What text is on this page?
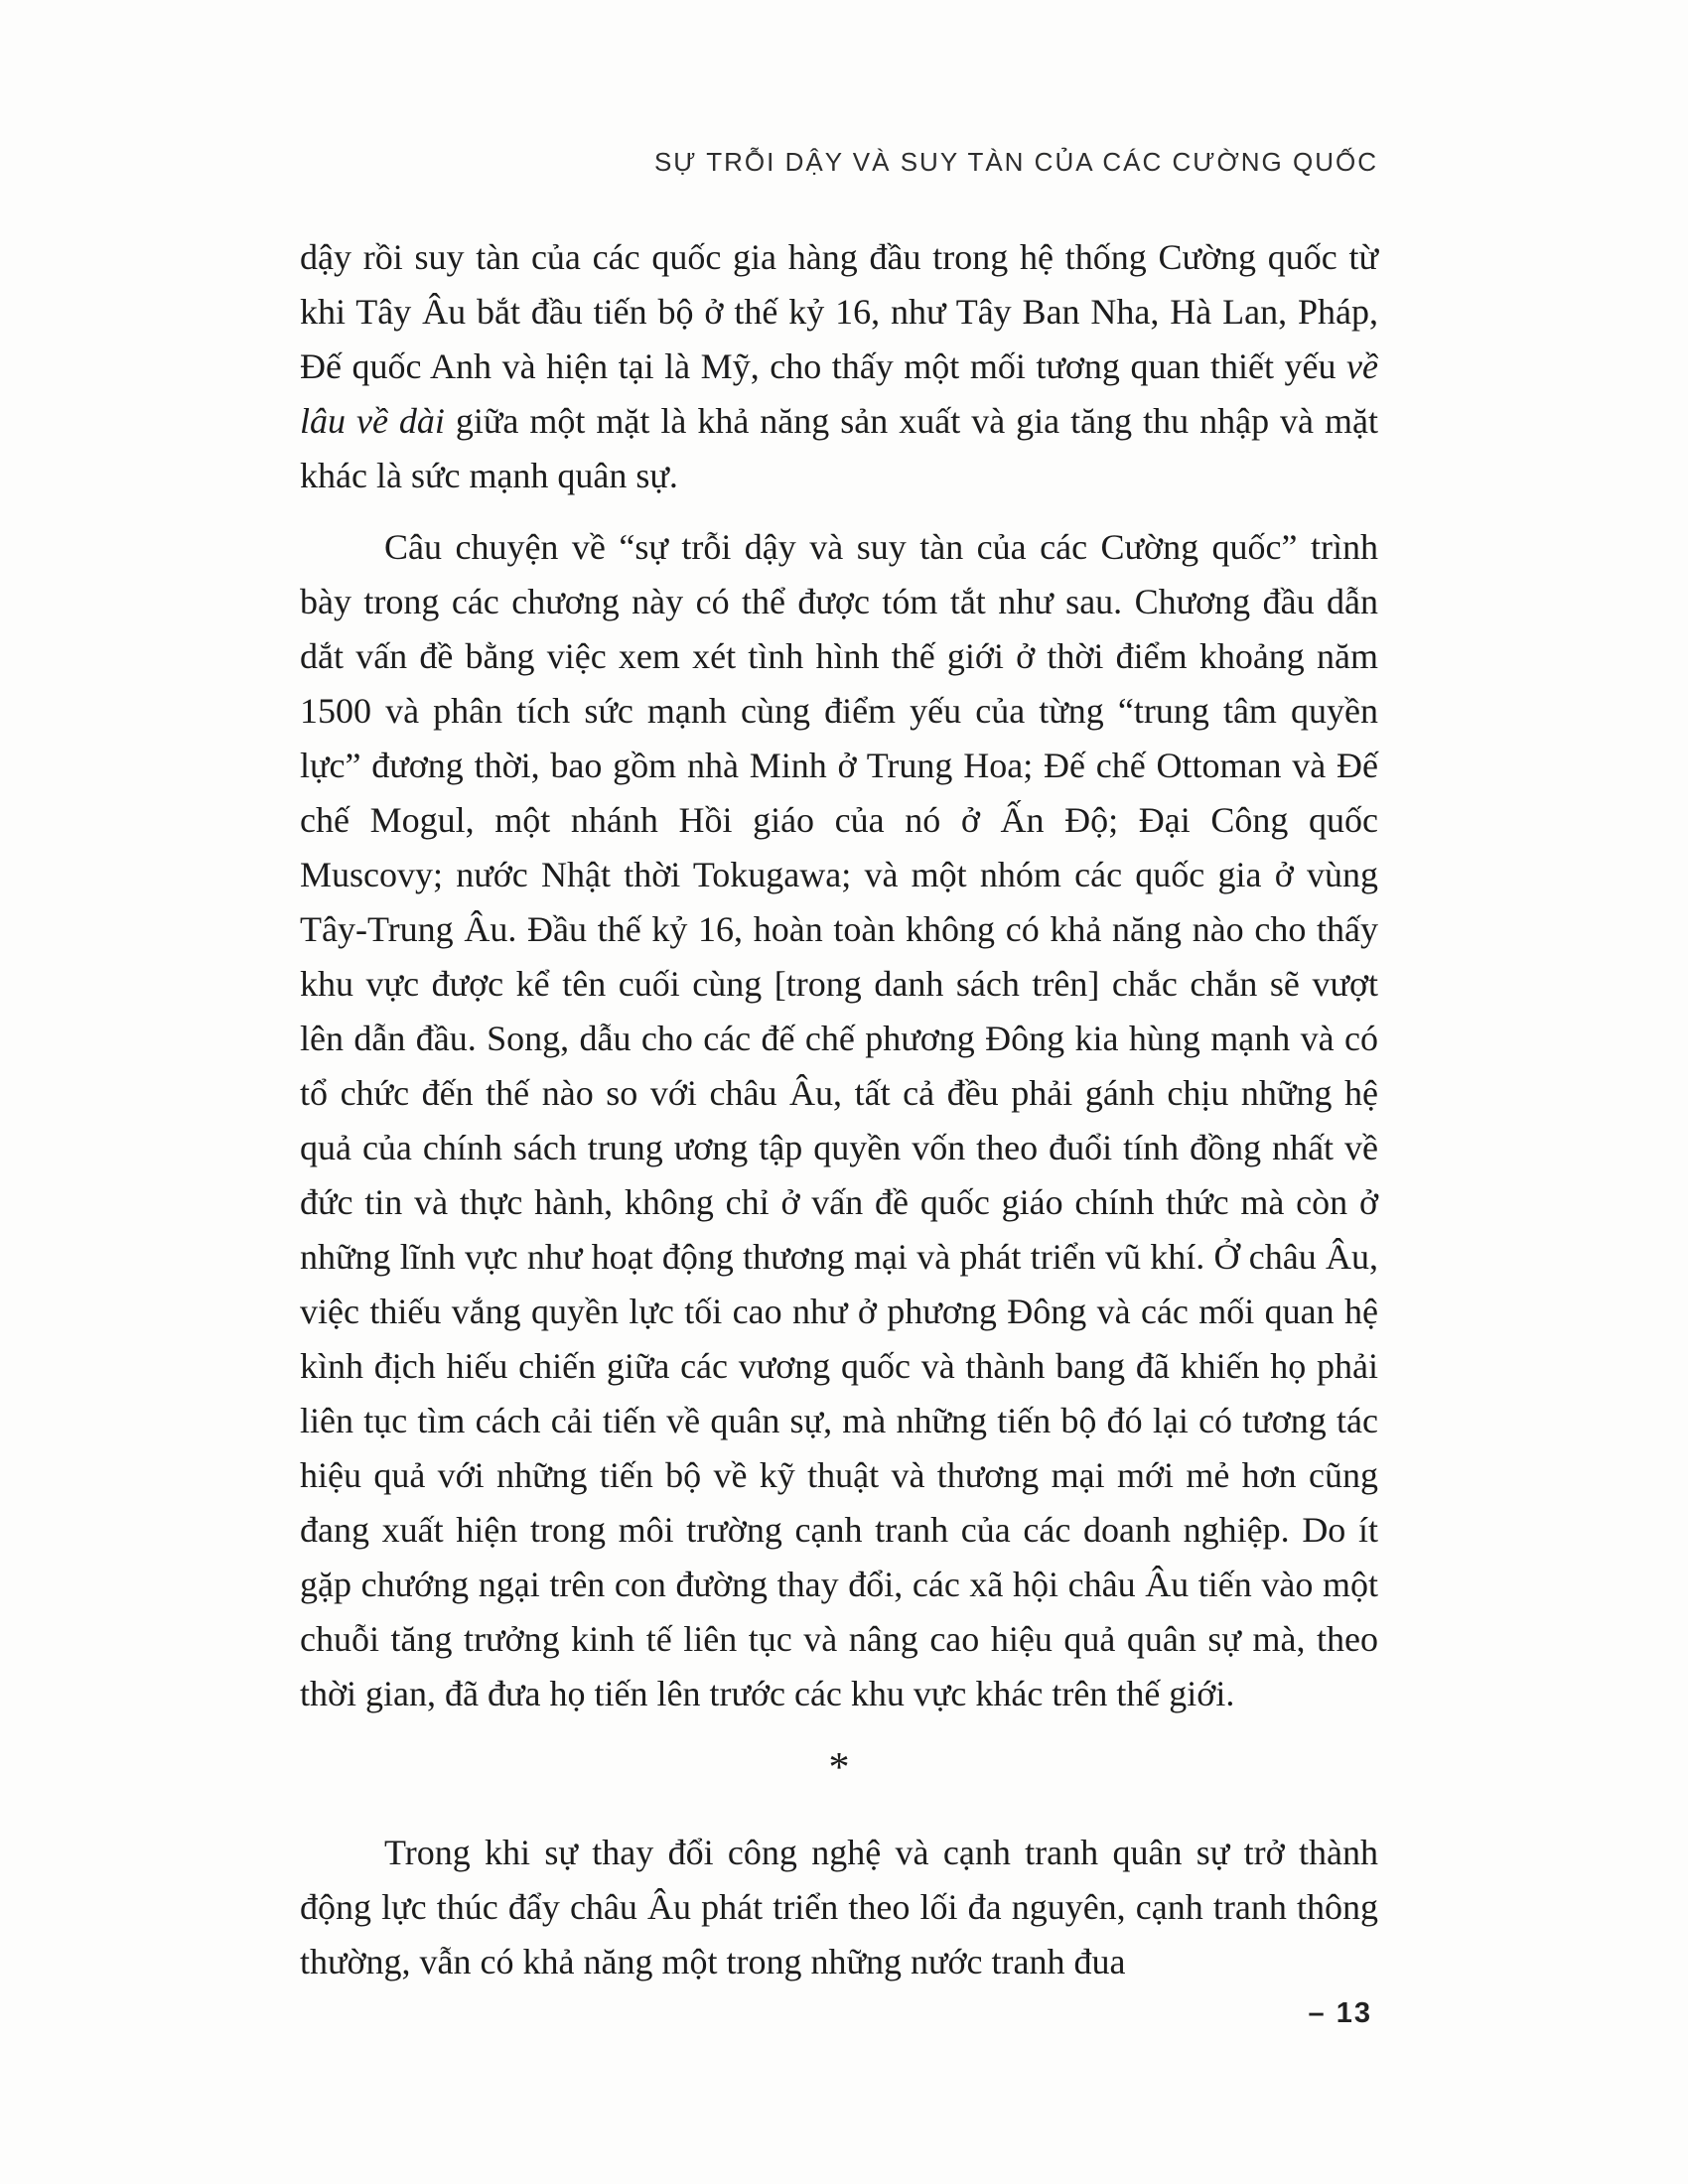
SỰ TRỖI DẬY VÀ SUY TÀN CỦA CÁC CƯỜNG QUỐC

dậy rồi suy tàn của các quốc gia hàng đầu trong hệ thống Cường quốc từ khi Tây Âu bắt đầu tiến bộ ở thế kỷ 16, như Tây Ban Nha, Hà Lan, Pháp, Đế quốc Anh và hiện tại là Mỹ, cho thấy một mối tương quan thiết yếu về lâu về dài giữa một mặt là khả năng sản xuất và gia tăng thu nhập và mặt khác là sức mạnh quân sự.

Câu chuyện về “sự trỗi dậy và suy tàn của các Cường quốc” trình bày trong các chương này có thể được tóm tắt như sau. Chương đầu dẫn dắt vấn đề bằng việc xem xét tình hình thế giới ở thời điểm khoảng năm 1500 và phân tích sức mạnh cùng điểm yếu của từng “trung tâm quyền lực” đương thời, bao gồm nhà Minh ở Trung Hoa; Đế chế Ottoman và Đế chế Mogul, một nhánh Hồi giáo của nó ở Ấn Độ; Đại Công quốc Muscovy; nước Nhật thời Tokugawa; và một nhóm các quốc gia ở vùng Tây-Trung Âu. Đầu thế kỷ 16, hoàn toàn không có khả năng nào cho thấy khu vực được kể tên cuối cùng [trong danh sách trên] chắc chắn sẽ vượt lên dẫn đầu. Song, dẫu cho các đế chế phương Đông kia hùng mạnh và có tổ chức đến thế nào so với châu Âu, tất cả đều phải gánh chịu những hệ quả của chính sách trung ương tập quyền vốn theo đuổi tính đồng nhất về đức tin và thực hành, không chỉ ở vấn đề quốc giáo chính thức mà còn ở những lĩnh vực như hoạt động thương mại và phát triển vũ khí. Ở châu Âu, việc thiếu vắng quyền lực tối cao như ở phương Đông và các mối quan hệ kình địch hiếu chiến giữa các vương quốc và thành bang đã khiến họ phải liên tục tìm cách cải tiến về quân sự, mà những tiến bộ đó lại có tương tác hiệu quả với những tiến bộ về kỹ thuật và thương mại mới mẻ hơn cũng đang xuất hiện trong môi trường cạnh tranh của các doanh nghiệp. Do ít gặp chướng ngại trên con đường thay đổi, các xã hội châu Âu tiến vào một chuỗi tăng trưởng kinh tế liên tục và nâng cao hiệu quả quân sự mà, theo thời gian, đã đưa họ tiến lên trước các khu vực khác trên thế giới.

*

Trong khi sự thay đổi công nghệ và cạnh tranh quân sự trở thành động lực thúc đẩy châu Âu phát triển theo lối đa nguyên, cạnh tranh thông thường, vẫn có khả năng một trong những nước tranh đua

– 13
